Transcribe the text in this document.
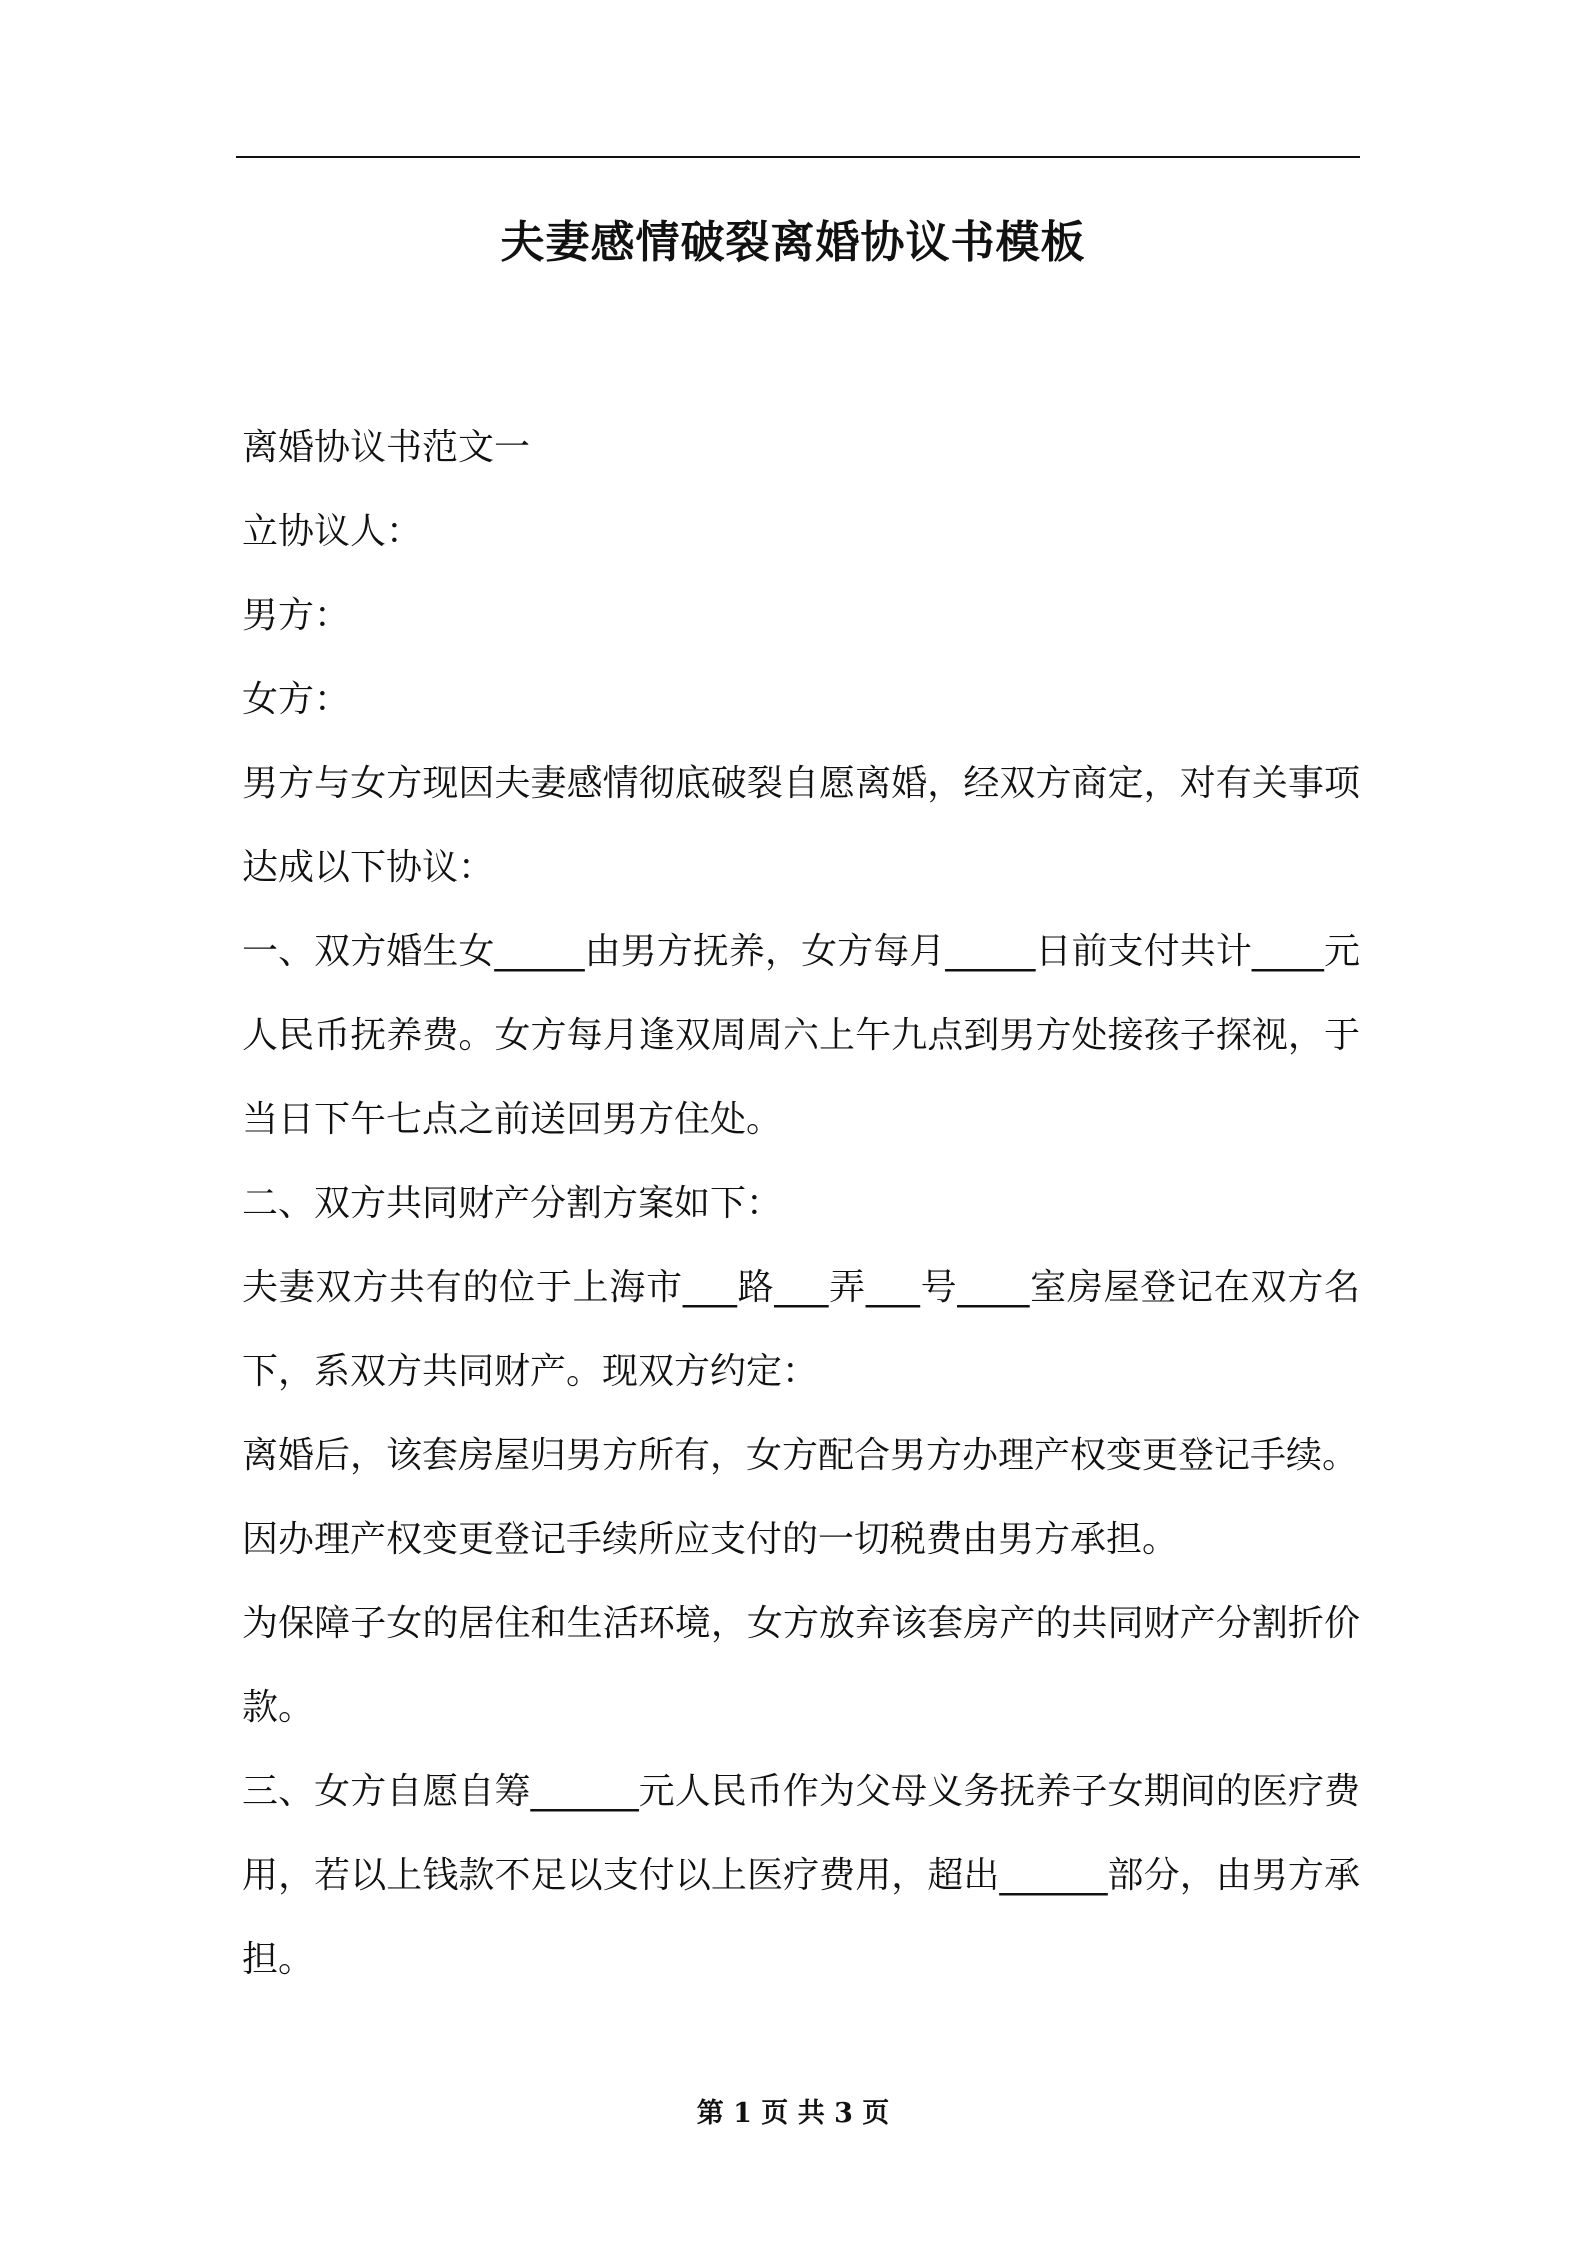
夫妻感情破裂离婚协议书模板

离婚协议书范文一

立协议人：

男方：

女方：

男方与女方现因夫妻感情彻底破裂自愿离婚，经双方商定，对有关事项达成以下协议：

一、双方婚生女_____由男方抚养，女方每月_____日前支付共计____元人民币抚养费。女方每月逢双周周六上午九点到男方处接孩子探视，于当日下午七点之前送回男方住处。

二、双方共同财产分割方案如下：

夫妻双方共有的位于上海市___路___弄___号____室房屋登记在双方名下，系双方共同财产。现双方约定：

离婚后，该套房屋归男方所有，女方配合男方办理产权变更登记手续。

因办理产权变更登记手续所应支付的一切税费由男方承担。

为保障子女的居住和生活环境，女方放弃该套房产的共同财产分割折价款。

三、女方自愿自筹______元人民币作为父母义务抚养子女期间的医疗费用，若以上钱款不足以支付以上医疗费用，超出______部分，由男方承担。

第 1 页 共 3 页
